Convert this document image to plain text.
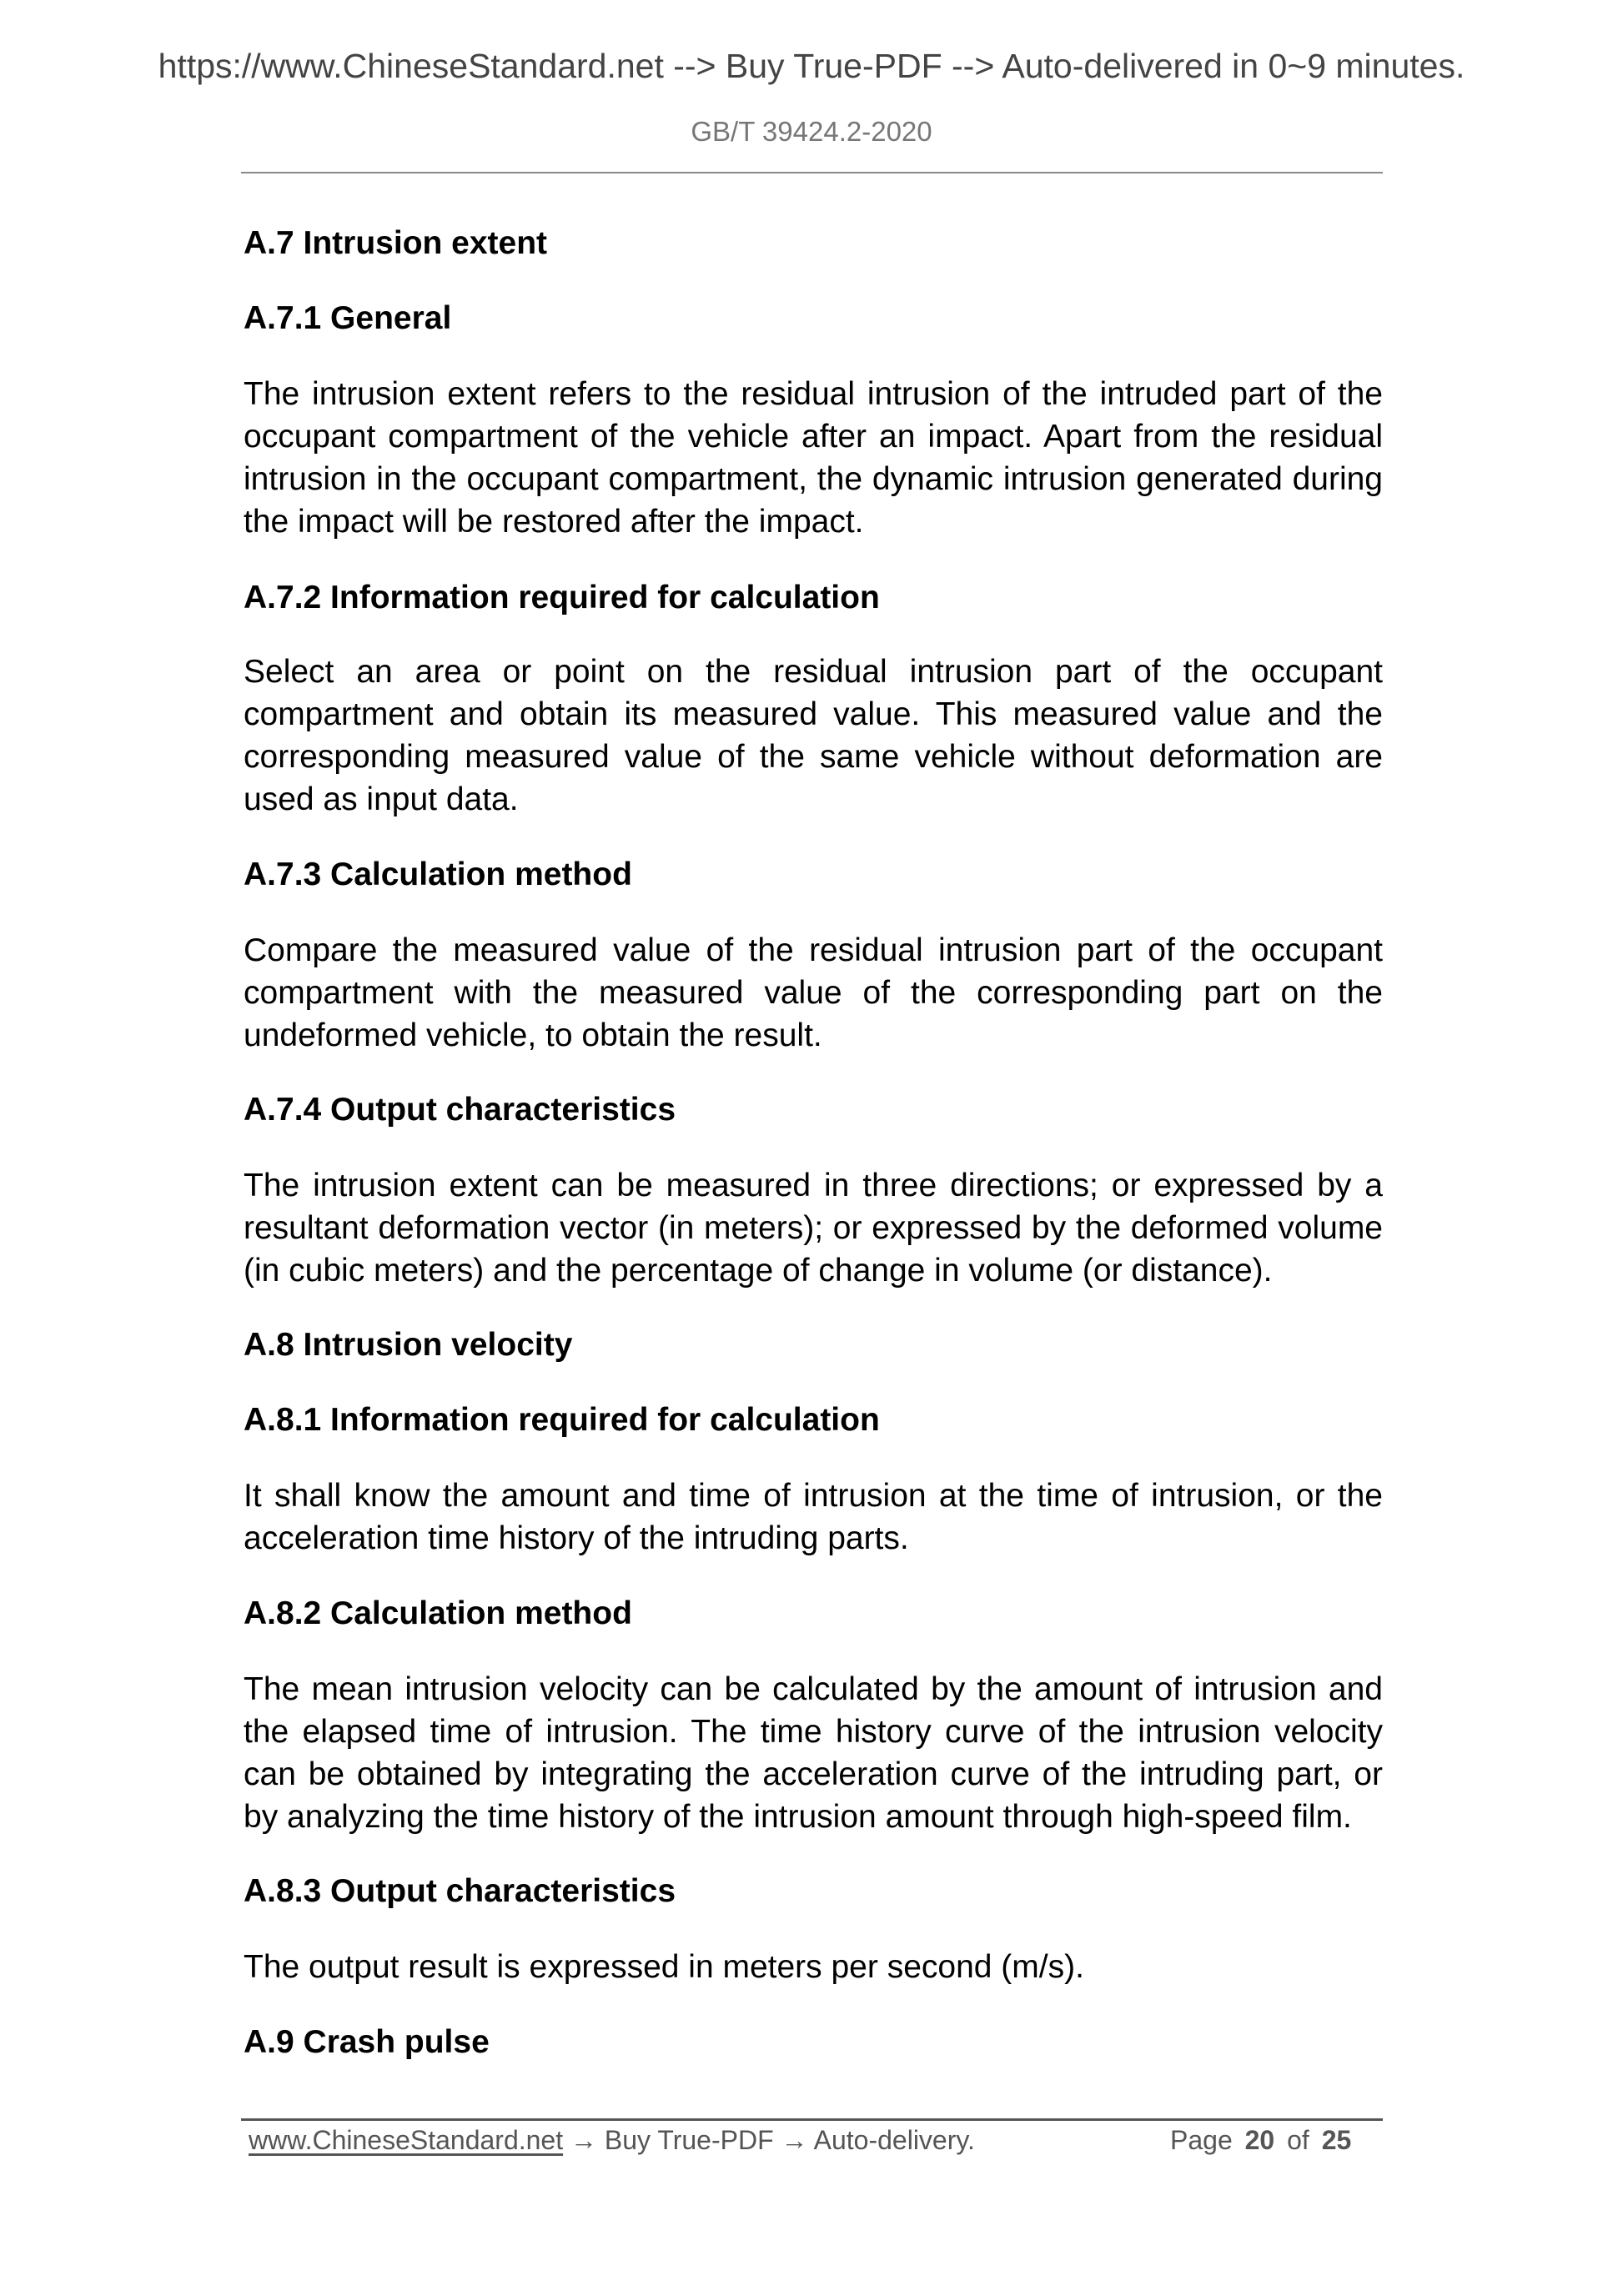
https://www.ChineseStandard.net --> Buy True-PDF --> Auto-delivered in 0~9 minutes.
GB/T 39424.2-2020
A.7 Intrusion extent
A.7.1 General
The intrusion extent refers to the residual intrusion of the intruded part of the occupant compartment of the vehicle after an impact. Apart from the residual intrusion in the occupant compartment, the dynamic intrusion generated during the impact will be restored after the impact.
A.7.2 Information required for calculation
Select an area or point on the residual intrusion part of the occupant compartment and obtain its measured value. This measured value and the corresponding measured value of the same vehicle without deformation are used as input data.
A.7.3 Calculation method
Compare the measured value of the residual intrusion part of the occupant compartment with the measured value of the corresponding part on the undeformed vehicle, to obtain the result.
A.7.4 Output characteristics
The intrusion extent can be measured in three directions; or expressed by a resultant deformation vector (in meters); or expressed by the deformed volume (in cubic meters) and the percentage of change in volume (or distance).
A.8 Intrusion velocity
A.8.1 Information required for calculation
It shall know the amount and time of intrusion at the time of intrusion, or the acceleration time history of the intruding parts.
A.8.2 Calculation method
The mean intrusion velocity can be calculated by the amount of intrusion and the elapsed time of intrusion. The time history curve of the intrusion velocity can be obtained by integrating the acceleration curve of the intruding part, or by analyzing the time history of the intrusion amount through high-speed film.
A.8.3 Output characteristics
The output result is expressed in meters per second (m/s).
A.9 Crash pulse
www.ChineseStandard.net → Buy True-PDF → Auto-delivery.	Page 20 of 25
